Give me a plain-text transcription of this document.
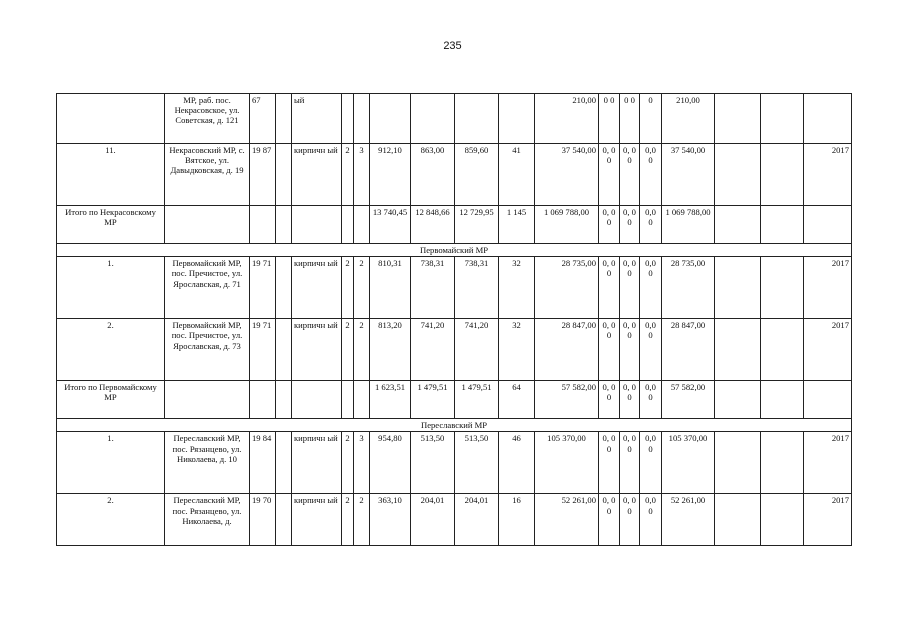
235
	МР, раб. пос. Некрасовское, ул. Советская, д. 121	67		ый							210,00	0 0	0 0	0	210,00			
11.	Некрасовский МР, с. Вятское, ул. Давыдковская, д. 19	19 87		кирпичн ый	2	3	912,10	863,00	859,60	41	37 540,00	0, 0 0	0, 0 0	0,0 0	37 540,00			2017
Итого по Некрасовскому МР							13 740,45	12 848,66	12 729,95	1 145	1 069 788,00	0, 0 0	0, 0 0	0,0 0	1 069 788,00			
Первомайский МР																		
1.	Первомайский МР, пос. Пречистое, ул. Ярославская, д. 71	19 71		кирпичн ый	2	2	810,31	738,31	738,31	32	28 735,00	0, 0 0	0, 0 0	0,0 0	28 735,00			2017
2.	Первомайский МР, пос. Пречистое, ул. Ярославская, д. 73	19 71		кирпичн ый	2	2	813,20	741,20	741,20	32	28 847,00	0, 0 0	0, 0 0	0,0 0	28 847,00			2017
Итого по Первомайскому МР							1 623,51	1 479,51	1 479,51	64	57 582,00	0, 0 0	0, 0 0	0,0 0	57 582,00			
Переславский МР																		
1.	Переславский МР, пос. Рязанцево, ул. Николаева, д. 10	19 84		кирпичн ый	2	3	954,80	513,50	513,50	46	105 370,00	0, 0 0	0, 0 0	0,0 0	105 370,00			2017
2.	Переславский МР, пос. Рязанцево, ул. Николаева, д.	19 70		кирпичн ый	2	2	363,10	204,01	204,01	16	52 261,00	0, 0 0	0, 0 0	0,0 0	52 261,00			2017
